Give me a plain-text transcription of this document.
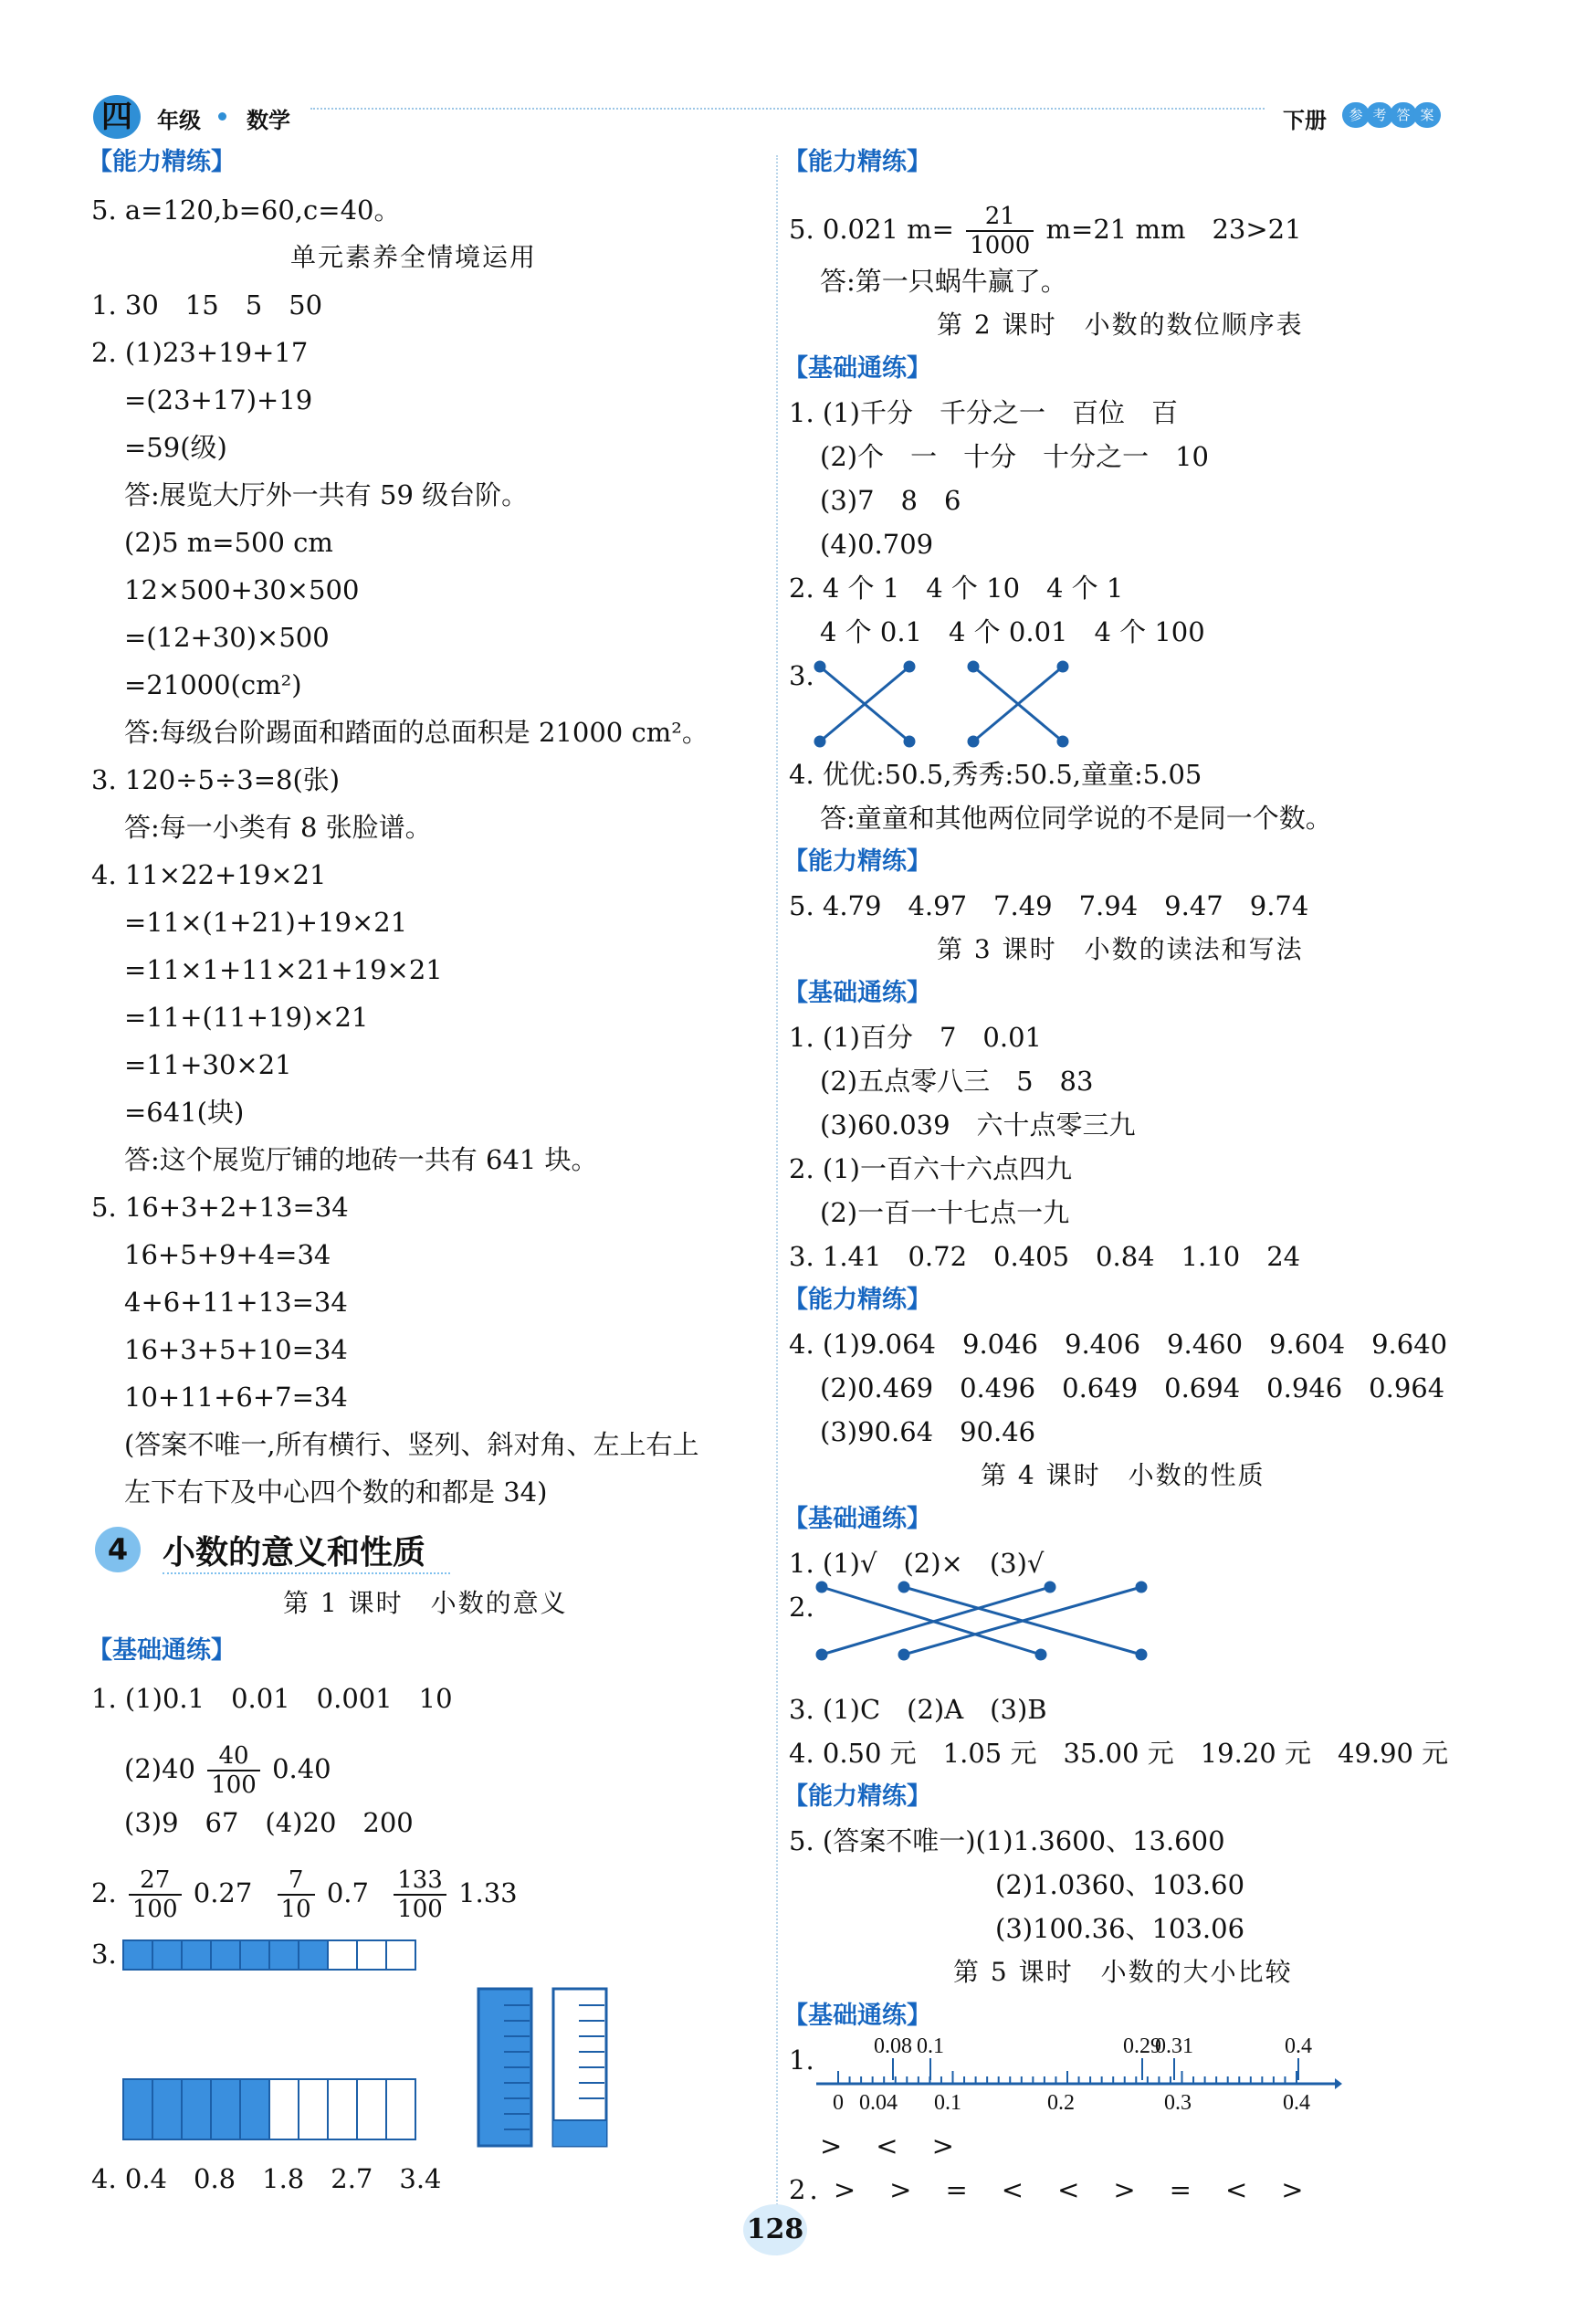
四	年级 数学	下册	参 考 答 案
【能力精练】
5. a=120,b=60,c=40。
单元素养全情境运用
1. 30　15　5　50
2. (1)23+19+17
=(23+17)+19
=59(级)
答:展览大厅外一共有 59 级台阶。
(2)5 m=500 cm
12×500+30×500
=(12+30)×500
=21000(cm²)
答:每级台阶踢面和踏面的总面积是 21000 cm²。
3. 120÷5÷3=8(张)
答:每一小类有 8 张脸谱。
4. 11×22+19×21
=11×(1+21)+19×21
=11×1+11×21+19×21
=11+(11+19)×21
=11+30×21
=641(块)
答:这个展览厅铺的地砖一共有 641 块。
5. 16+3+2+13=34
16+5+9+4=34
4+6+11+13=34
16+3+5+10=34
10+11+6+7=34
(答案不唯一,所有横行、竖列、斜对角、左上右上
左下右下及中心四个数的和都是 34)
4	小数的意义和性质
第 1 课时　小数的意义
【基础通练】
1. (1)0.1　0.01　0.001　10
$(2)40 \frac{40}{100} 0.40$
(3)9　67　(4)20　200
2. $\frac{27}{100} 0.27 \frac{7}{10} 0.7 \frac{133}{100} 1.33$
3.
4. 0.4　0.8　1.8　2.7　3.4
【能力精练】
5. 0.021 $m= \frac{21}{1000} m=21$ mm　23>21
答:第一只蜗牛赢了。
第 2 课时　小数的数位顺序表
【基础通练】
1. (1)千分　千分之一　百位　百
(2)个　一　十分　十分之一　10
(3)7　8　6
(4)0.709
2. 4 个 1　4 个 10　4 个 1
4 个 0.1　4 个 0.01　4 个 100
3.
4. 优优:50.5,秀秀:50.5,童童:5.05
答:童童和其他两位同学说的不是同一个数。
【能力精练】
5. 4.79　4.97　7.49　7.94　9.47　9.74
第 3 课时　小数的读法和写法
【基础通练】
1. (1)百分　7　0.01
(2)五点零八三　5　83
(3)60.039　六十点零三九
2. (1)一百六十六点四九
(2)一百一十七点一九
3. 1.41　0.72　0.405　0.84　1.10　24
【能力精练】
4. (1)9.064　9.046　9.406　9.460　9.604　9.640
(2)0.469　0.496　0.649　0.694　0.946　0.964
(3)90.64　90.46
第 4 课时　小数的性质
【基础通练】
1. (1)√　(2)×　(3)√
2.
3. (1)C　(2)A　(3)B
4. 0.50 元　1.05 元　35.00 元　19.20 元　49.90 元
【能力精练】
5. (答案不唯一)(1)1.3600、13.600
(2)1.0360、103.60
(3)100.36、103.06
第 5 课时　小数的大小比较
【基础通练】
1.	0.08 0.1	0.29
0.31	0.4
0 0.04 0.1	0.2	0.3	0.4
>　<　>
2. >　>　=　<　<　>　=　<　>
128
